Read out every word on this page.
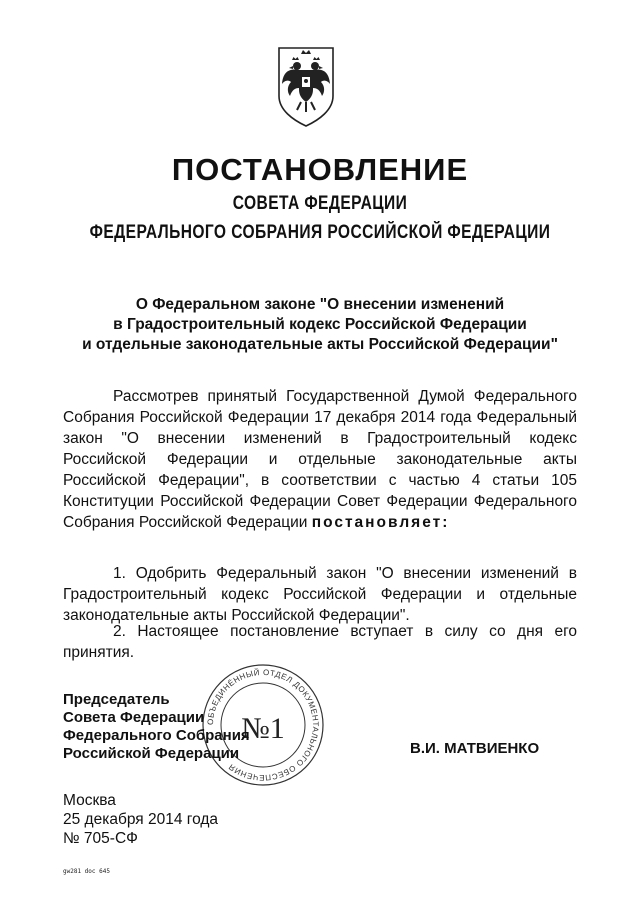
ПОСТАНОВЛЕНИЕ
СОВЕТА ФЕДЕРАЦИИ
ФЕДЕРАЛЬНОГО СОБРАНИЯ РОССИЙСКОЙ ФЕДЕРАЦИИ
О Федеральном законе "О внесении изменений
в Градостроительный кодекс Российской Федерации
и отдельные законодательные акты Российской Федерации"
Рассмотрев принятый Государственной Думой Федерального Собрания Российской Федерации 17 декабря 2014 года Федеральный закон "О внесении изменений в Градостроительный кодекс Российской Федерации и отдельные законодательные акты Российской Федерации", в соответствии с частью 4 статьи 105 Конституции Российской Федерации Совет Федерации Федерального Собрания Российской Федерации постановляет:
1. Одобрить Федеральный закон "О внесении изменений в Градостроительный кодекс Российской Федерации и отдельные законодательные акты Российской Федерации".
2. Настоящее постановление вступает в силу со дня его принятия.
ОБЪЕДИНЁННЫЙ ОТДЕЛ ДОКУМЕНТАЛЬНОГО ОБЕСПЕЧЕНИЯ
№1
Председатель
Совета Федерации
Федерального Собрания
Российской Федерации	В.И. МАТВИЕНКО
Москва
25 декабря 2014 года
№ 705-СФ
gw281 doc 645
